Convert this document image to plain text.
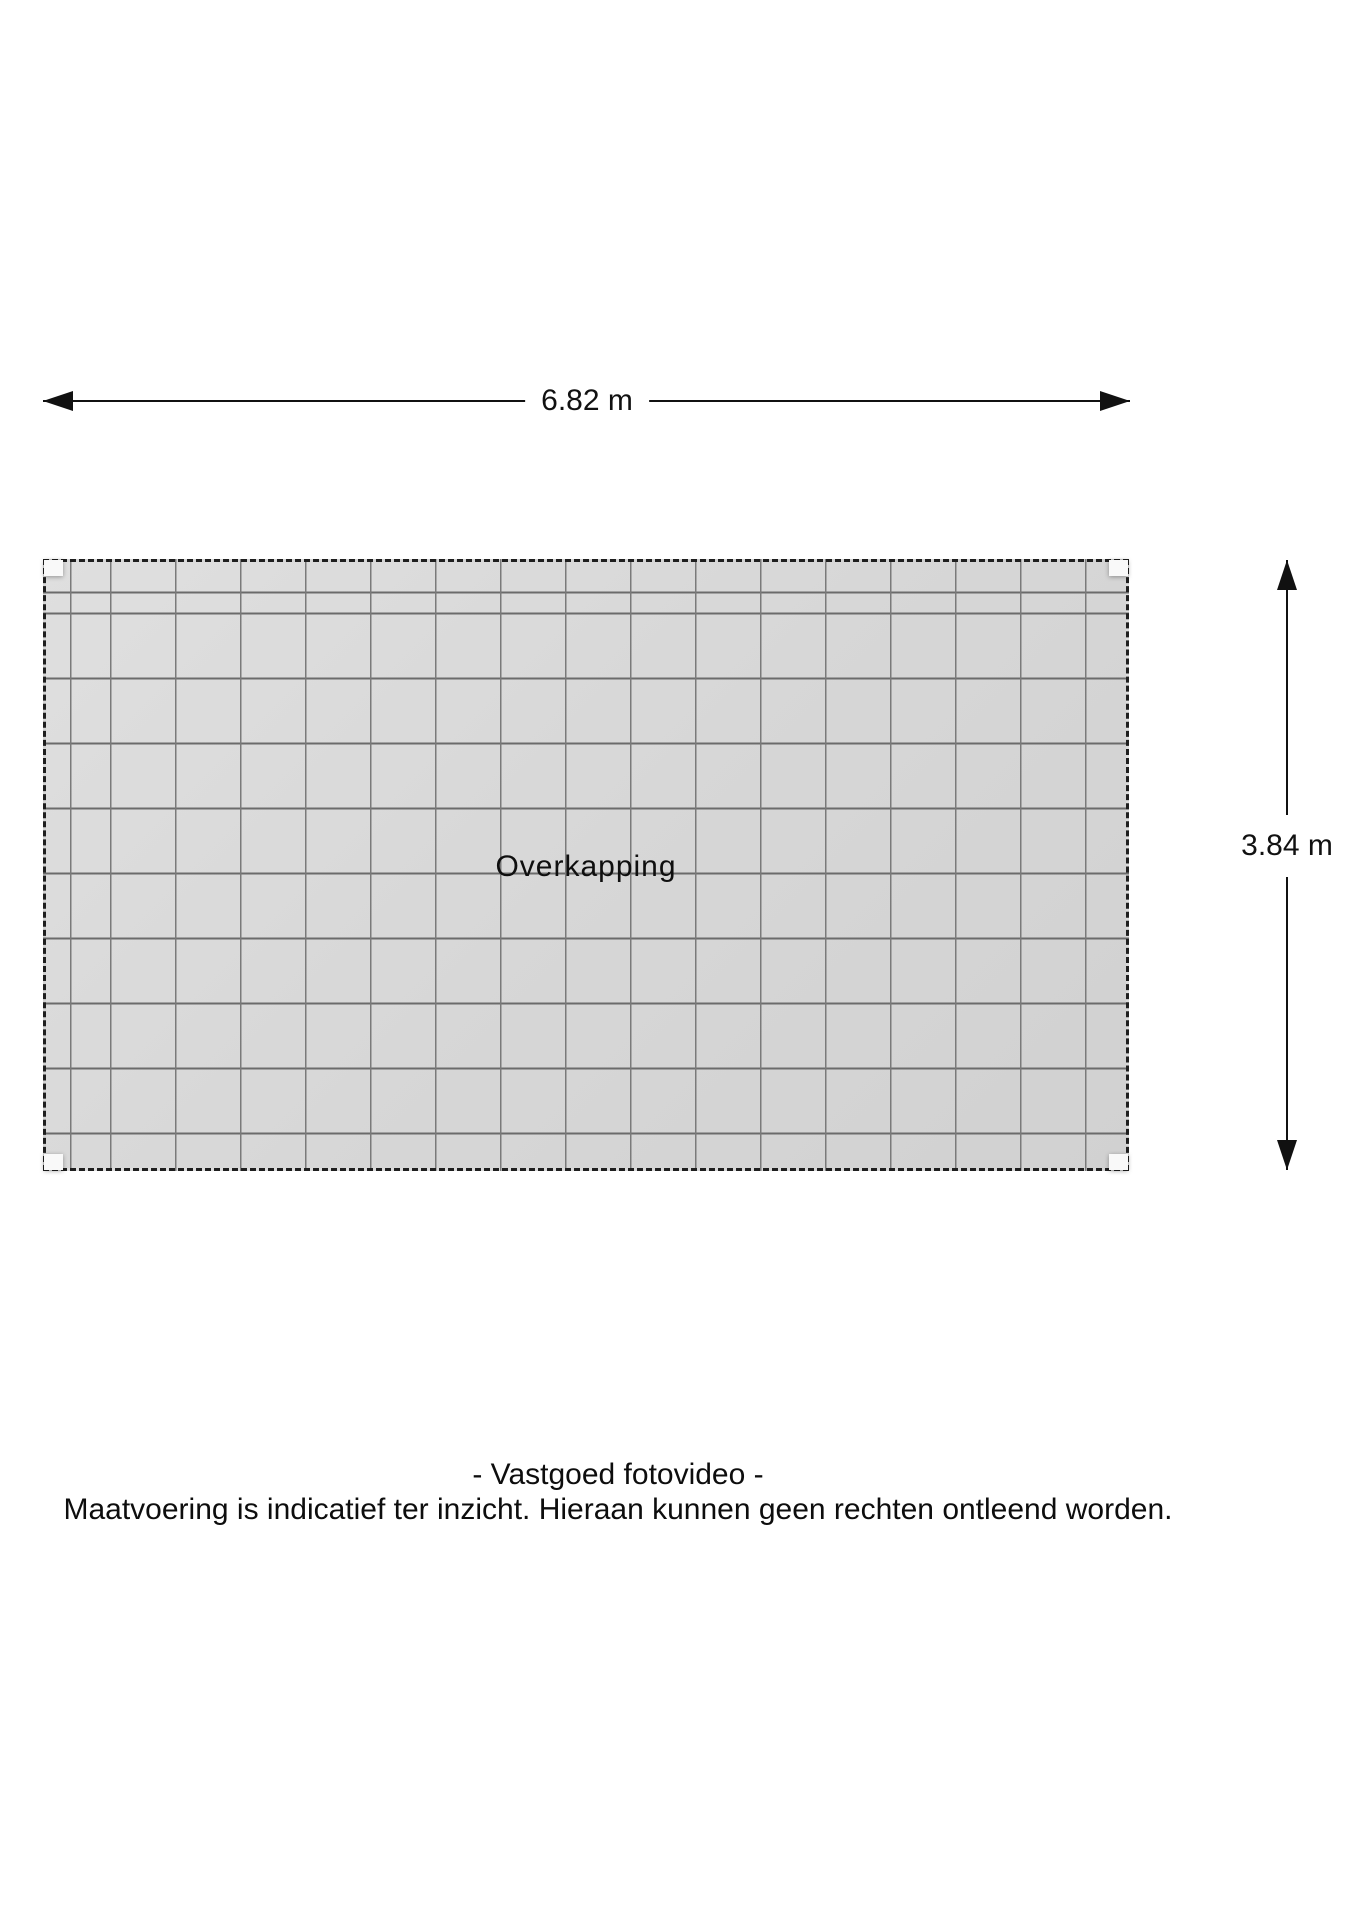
6.82 m
Overkapping
3.84 m
- Vastgoed fotovideo -
Maatvoering is indicatief ter inzicht. Hieraan kunnen geen rechten ontleend worden.
